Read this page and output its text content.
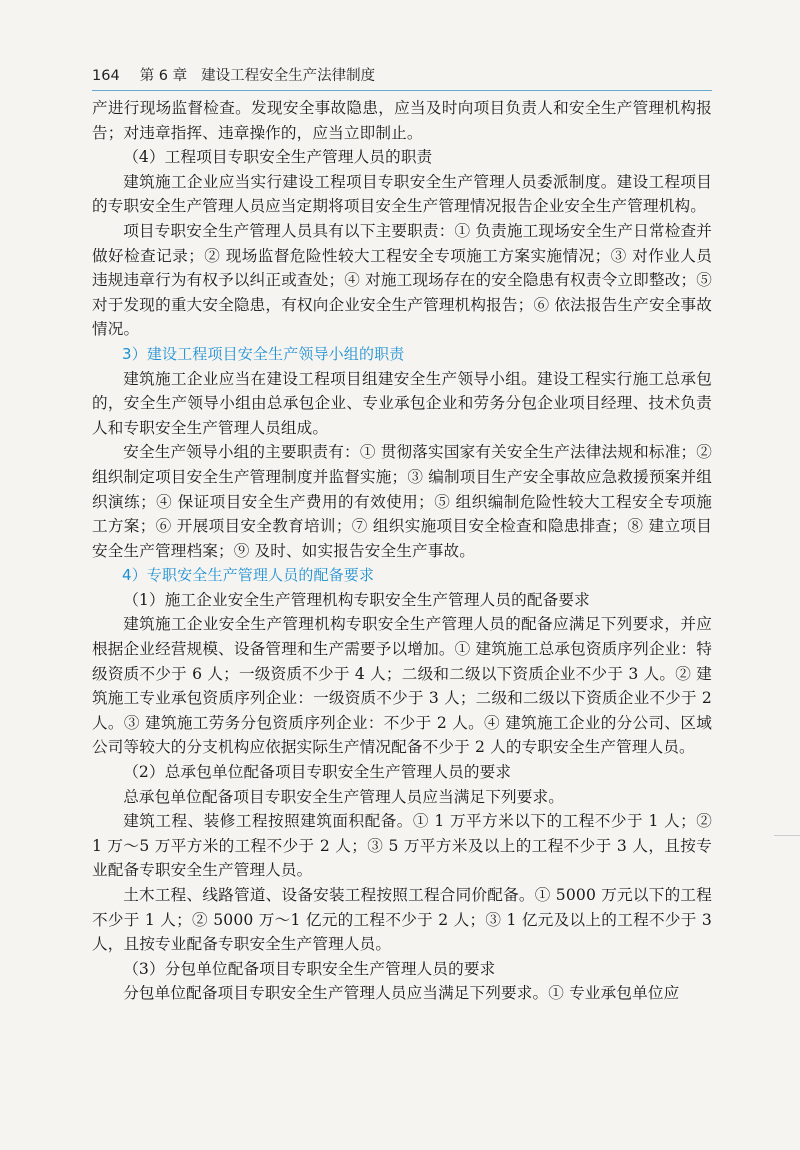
164 第 6 章 建设工程安全生产法律制度

产进行现场监督检查。发现安全事故隐患，应当及时向项目负责人和安全生产管理机构报告；对违章指挥、违章操作的，应当立即制止。

（4）工程项目专职安全生产管理人员的职责

建筑施工企业应当实行建设工程项目专职安全生产管理人员委派制度。建设工程项目的专职安全生产管理人员应当定期将项目安全生产管理情况报告企业安全生产管理机构。

项目专职安全生产管理人员具有以下主要职责：① 负责施工现场安全生产日常检查并做好检查记录；② 现场监督危险性较大工程安全专项施工方案实施情况；③ 对作业人员违规违章行为有权予以纠正或查处；④ 对施工现场存在的安全隐患有权责令立即整改；⑤ 对于发现的重大安全隐患，有权向企业安全生产管理机构报告；⑥ 依法报告生产安全事故情况。

3）建设工程项目安全生产领导小组的职责

建筑施工企业应当在建设工程项目组建安全生产领导小组。建设工程实行施工总承包的，安全生产领导小组由总承包企业、专业承包企业和劳务分包企业项目经理、技术负责人和专职安全生产管理人员组成。

安全生产领导小组的主要职责有：① 贯彻落实国家有关安全生产法律法规和标准；② 组织制定项目安全生产管理制度并监督实施；③ 编制项目生产安全事故应急救援预案并组织演练；④ 保证项目安全生产费用的有效使用；⑤ 组织编制危险性较大工程安全专项施工方案；⑥ 开展项目安全教育培训；⑦ 组织实施项目安全检查和隐患排查；⑧ 建立项目安全生产管理档案；⑨ 及时、如实报告安全生产事故。

4）专职安全生产管理人员的配备要求

（1）施工企业安全生产管理机构专职安全生产管理人员的配备要求

建筑施工企业安全生产管理机构专职安全生产管理人员的配备应满足下列要求，并应根据企业经营规模、设备管理和生产需要予以增加。① 建筑施工总承包资质序列企业：特级资质不少于 6 人；一级资质不少于 4 人；二级和二级以下资质企业不少于 3 人。② 建筑施工专业承包资质序列企业：一级资质不少于 3 人；二级和二级以下资质企业不少于 2 人。③ 建筑施工劳务分包资质序列企业：不少于 2 人。④ 建筑施工企业的分公司、区域公司等较大的分支机构应依据实际生产情况配备不少于 2 人的专职安全生产管理人员。

（2）总承包单位配备项目专职安全生产管理人员的要求

总承包单位配备项目专职安全生产管理人员应当满足下列要求。

建筑工程、装修工程按照建筑面积配备。① 1 万平方米以下的工程不少于 1 人；② 1 万～5 万平方米的工程不少于 2 人；③ 5 万平方米及以上的工程不少于 3 人，且按专业配备专职安全生产管理人员。

土木工程、线路管道、设备安装工程按照工程合同价配备。① 5000 万元以下的工程不少于 1 人；② 5000 万～1 亿元的工程不少于 2 人；③ 1 亿元及以上的工程不少于 3 人，且按专业配备专职安全生产管理人员。

（3）分包单位配备项目专职安全生产管理人员的要求

分包单位配备项目专职安全生产管理人员应当满足下列要求。① 专业承包单位应
